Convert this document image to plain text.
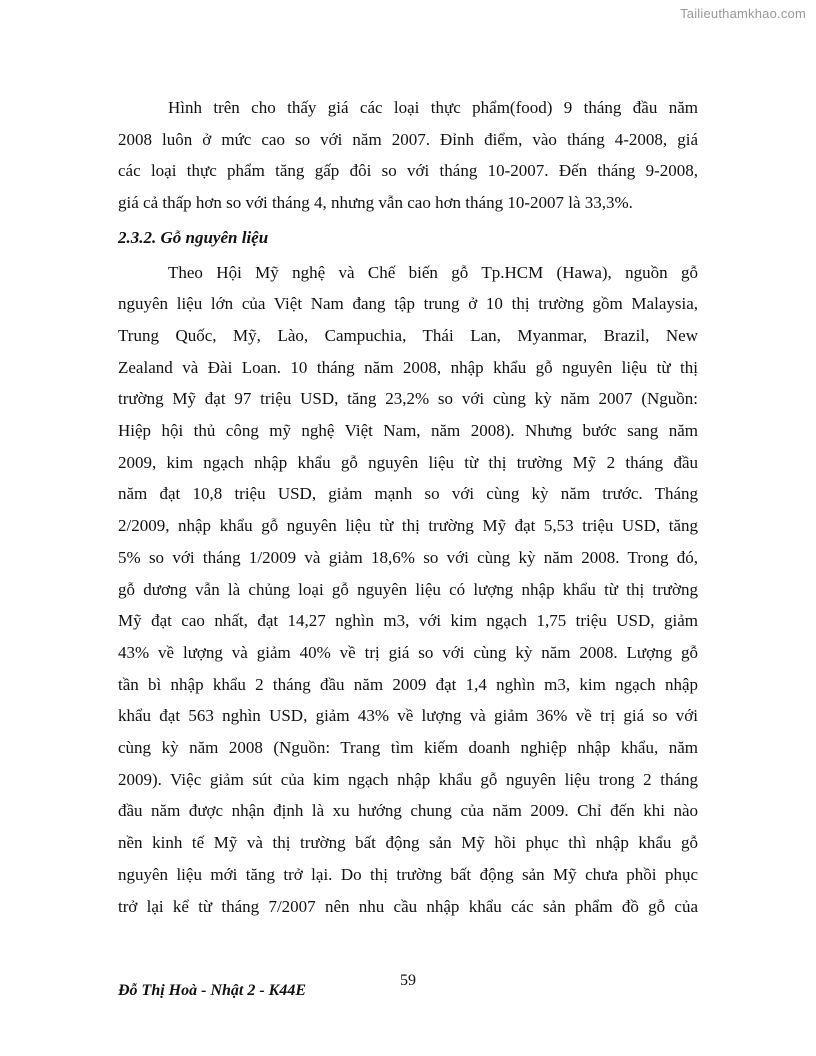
Tailieuthamkhao.com

Hình trên cho thấy giá các loại thực phẩm(food) 9 tháng đầu năm

2008 luôn ở mức cao so với năm 2007. Đỉnh điểm, vào tháng 4-2008, giá

các loại thực phẩm tăng gấp đôi so với tháng 10-2007. Đến tháng 9-2008,

giá cả thấp hơn so với tháng 4, nhưng vẫn cao hơn tháng 10-2007 là 33,3%.

2.3.2. Gỗ nguyên liệu

Theo Hội Mỹ nghệ và Chế biến gỗ Tp.HCM (Hawa), nguồn gỗ

nguyên liệu lớn của Việt Nam đang tập trung ở 10 thị trường gồm Malaysia,

Trung Quốc, Mỹ, Lào, Campuchia, Thái Lan, Myanmar, Brazil, New

Zealand và Đài Loan. 10 tháng năm 2008, nhập khẩu gỗ nguyên liệu từ thị

trường Mỹ đạt 97 triệu USD, tăng 23,2% so với cùng kỳ năm 2007 (Nguồn:

Hiệp hội thủ công mỹ nghệ Việt Nam, năm 2008). Nhưng bước sang năm

2009, kim ngạch nhập khẩu gỗ nguyên liệu từ thị trường Mỹ 2 tháng đầu

năm đạt 10,8 triệu USD, giảm mạnh so với cùng kỳ năm trước. Tháng

2/2009, nhập khẩu gỗ nguyên liệu từ thị trường Mỹ đạt 5,53 triệu USD, tăng

5% so với tháng 1/2009 và giảm 18,6% so với cùng kỳ năm 2008. Trong đó,

gỗ dương vẫn là chủng loại gỗ nguyên liệu có lượng nhập khẩu từ thị trường

Mỹ đạt cao nhất, đạt 14,27 nghìn m3, với kim ngạch 1,75 triệu USD, giảm

43% về lượng và giảm 40% về trị giá so với cùng kỳ năm 2008. Lượng gỗ

tần bì nhập khẩu 2 tháng đầu năm 2009 đạt 1,4 nghìn m3, kim ngạch nhập

khẩu đạt 563 nghìn USD, giảm 43% về lượng và giảm 36% về trị giá so với

cùng kỳ năm 2008 (Nguồn: Trang tìm kiếm doanh nghiệp nhập khẩu, năm

2009). Việc giảm sút của kim ngạch nhập khẩu gỗ nguyên liệu trong 2 tháng

đầu năm được nhận định là xu hướng chung của năm 2009. Chỉ đến khi nào

nền kinh tế Mỹ và thị trường bất động sản Mỹ hồi phục thì nhập khẩu gỗ

nguyên liệu mới tăng trở lại. Do thị trường bất động sản Mỹ chưa phồi phục

trở lại kể từ tháng 7/2007 nên nhu cầu nhập khẩu các sản phẩm đồ gỗ của

59
Đỗ Thị Hoà - Nhật 2 - K44E
